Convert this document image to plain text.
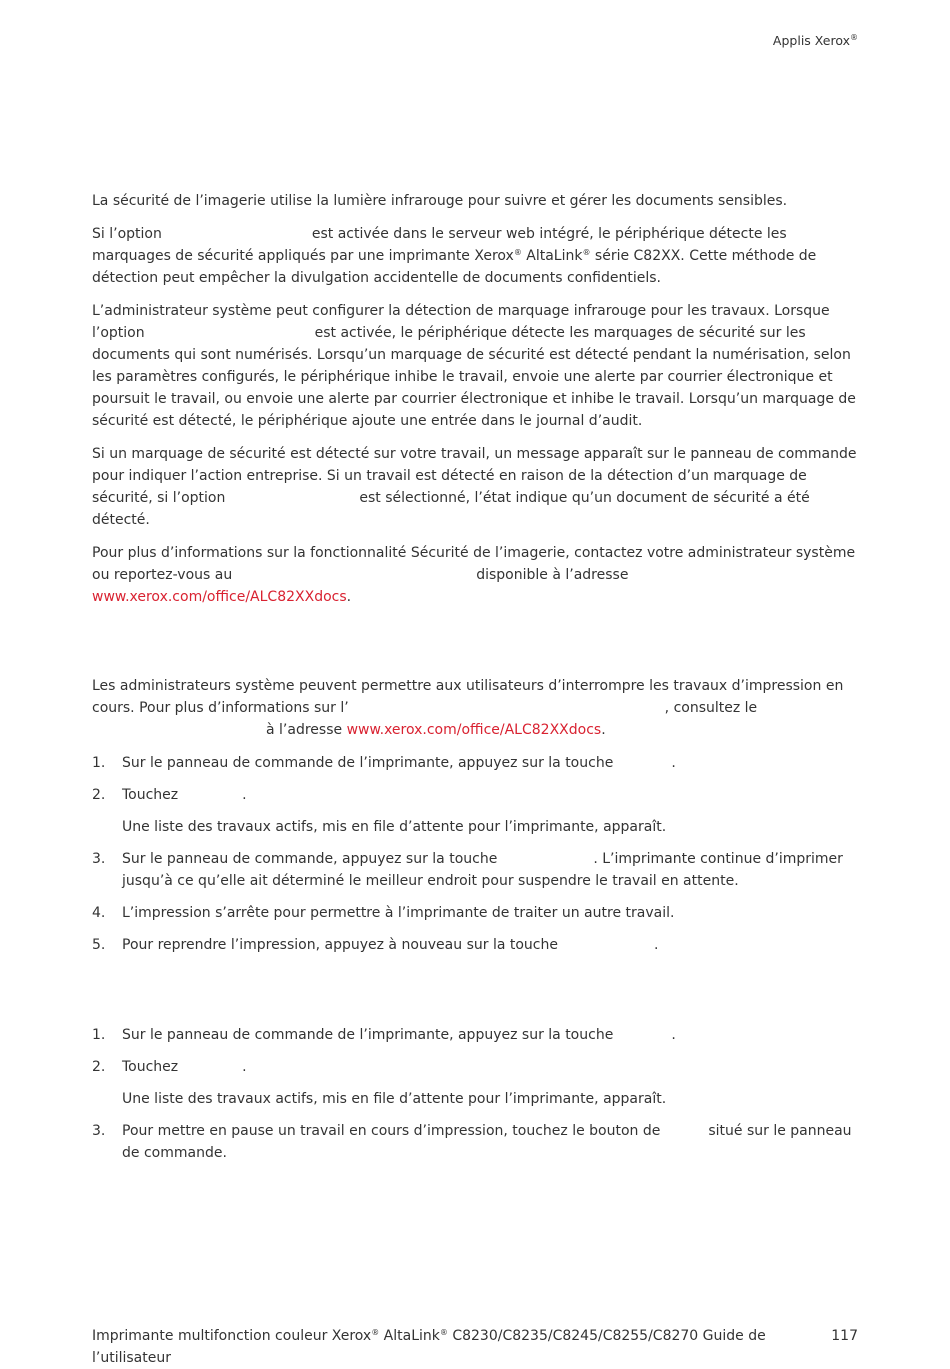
Applis Xerox®

La sécurité de l’imagerie utilise la lumière infrarouge pour suivre et gérer les documents sensibles.

Si l’option	est activée dans le serveur web intégré, le périphérique détecte les marquages de sécurité appliqués par une imprimante Xerox® AltaLink® série C82XX. Cette méthode de détection peut empêcher la divulgation accidentelle de documents confidentiels.

L’administrateur système peut configurer la détection de marquage infrarouge pour les travaux. Lorsque l’option	est activée, le périphérique détecte les marquages de sécurité sur les documents qui sont numérisés. Lorsqu’un marquage de sécurité est détecté pendant la numérisation, selon les paramètres configurés, le périphérique inhibe le travail, envoie une alerte par courrier électronique et poursuit le travail, ou envoie une alerte par courrier électronique et inhibe le travail. Lorsqu’un marquage de sécurité est détecté, le périphérique ajoute une entrée dans le journal d’audit.

Si un marquage de sécurité est détecté sur votre travail, un message apparaît sur le panneau de commande pour indiquer l’action entreprise. Si un travail est détecté en raison de la détection d’un marquage de sécurité, si l’option	est sélectionné, l’état indique qu’un document de sécurité a été détecté.

Pour plus d’informations sur la fonctionnalité Sécurité de l’imagerie, contactez votre administrateur système ou reportez-vous au	disponible à l’adresse www.xerox.com/office/ALC82XXdocs.

Les administrateurs système peuvent permettre aux utilisateurs d’interrompre les travaux d’impression en cours. Pour plus d’informations sur l’	, consultez le
à l’adresse www.xerox.com/office/ALC82XXdocs.

1. Sur le panneau de commande de l’imprimante, appuyez sur la touche	.
2. Touchez	.
Une liste des travaux actifs, mis en file d’attente pour l’imprimante, apparaît.
3. Sur le panneau de commande, appuyez sur la touche	. L’imprimante continue d’imprimer jusqu’à ce qu’elle ait déterminé le meilleur endroit pour suspendre le travail en attente.
4. L’impression s’arrête pour permettre à l’imprimante de traiter un autre travail.
5. Pour reprendre l’impression, appuyez à nouveau sur la touche	.
1. Sur le panneau de commande de l’imprimante, appuyez sur la touche	.
2. Touchez	.
Une liste des travaux actifs, mis en file d’attente pour l’imprimante, apparaît.
3. Pour mettre en pause un travail en cours d’impression, touchez le bouton de	situé sur le panneau de commande.
Imprimante multifonction couleur Xerox® AltaLink® C8230/C8235/C8245/C8255/C8270 Guide de l’utilisateur
117
